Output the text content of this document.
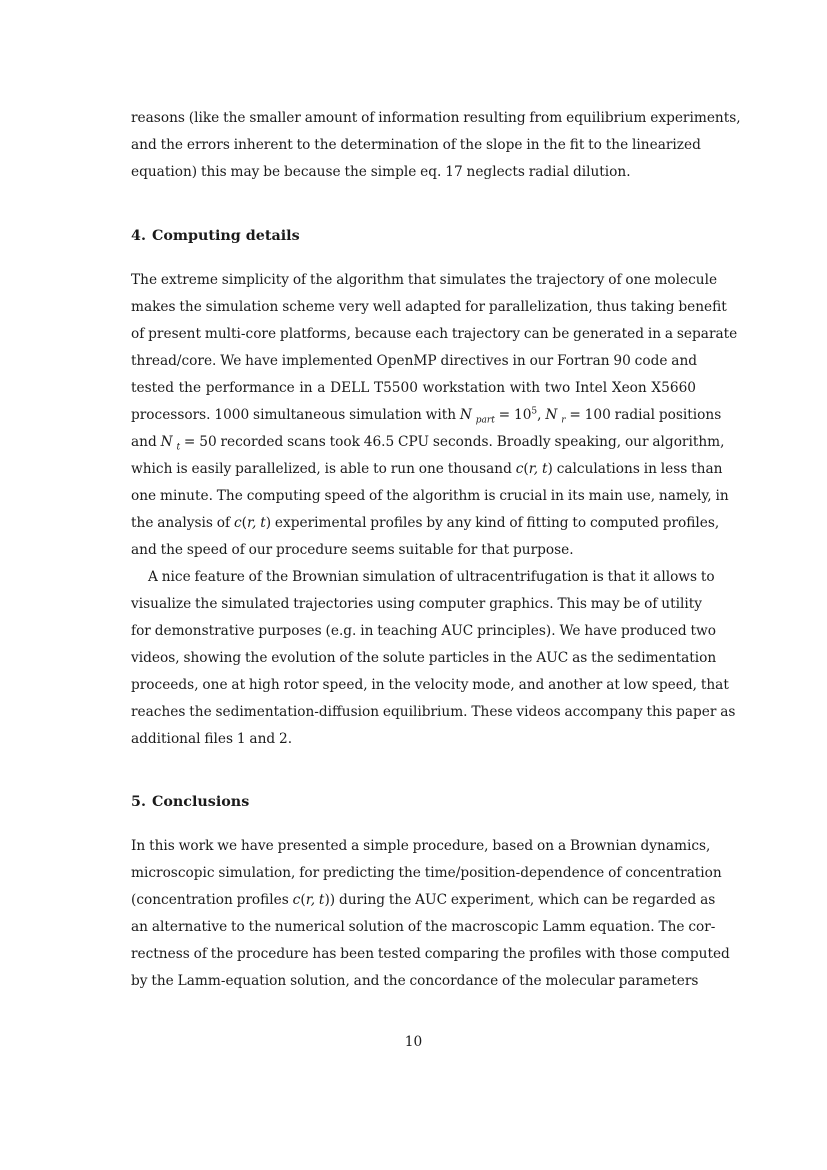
reasons (like the smaller amount of information resulting from equilibrium experiments,
and the errors inherent to the determination of the slope in the fit to the linearized
equation) this may be because the simple eq. 17 neglects radial dilution.
4. Computing details
The extreme simplicity of the algorithm that simulates the trajectory of one molecule
makes the simulation scheme very well adapted for parallelization, thus taking benefit
of present multi-core platforms, because each trajectory can be generated in a separate
thread/core. We have implemented OpenMP directives in our Fortran 90 code and
tested the performance in a DELL T5500 workstation with two Intel Xeon X5660
processors. 1000 simultaneous simulation with N $_{part} = 10^5$, N $_r$ = 100 radial positions
and N $_t$ = 50 recorded scans took 46.5 CPU seconds. Broadly speaking, our algorithm,
which is easily parallelized, is able to run one thousand c(r, t) calculations in less than
one minute. The computing speed of the algorithm is crucial in its main use, namely, in
the analysis of c(r, t) experimental profiles by any kind of fitting to computed profiles,
and the speed of our procedure seems suitable for that purpose.
A nice feature of the Brownian simulation of ultracentrifugation is that it allows to
visualize the simulated trajectories using computer graphics. This may be of utility
for demonstrative purposes (e.g. in teaching AUC principles). We have produced two
videos, showing the evolution of the solute particles in the AUC as the sedimentation
proceeds, one at high rotor speed, in the velocity mode, and another at low speed, that
reaches the sedimentation-diffusion equilibrium. These videos accompany this paper as
additional files 1 and 2.
5. Conclusions
In this work we have presented a simple procedure, based on a Brownian dynamics,
microscopic simulation, for predicting the time/position-dependence of concentration
(concentration profiles c(r, t)) during the AUC experiment, which can be regarded as
an alternative to the numerical solution of the macroscopic Lamm equation. The cor-
rectness of the procedure has been tested comparing the profiles with those computed
by the Lamm-equation solution, and the concordance of the molecular parameters
10
